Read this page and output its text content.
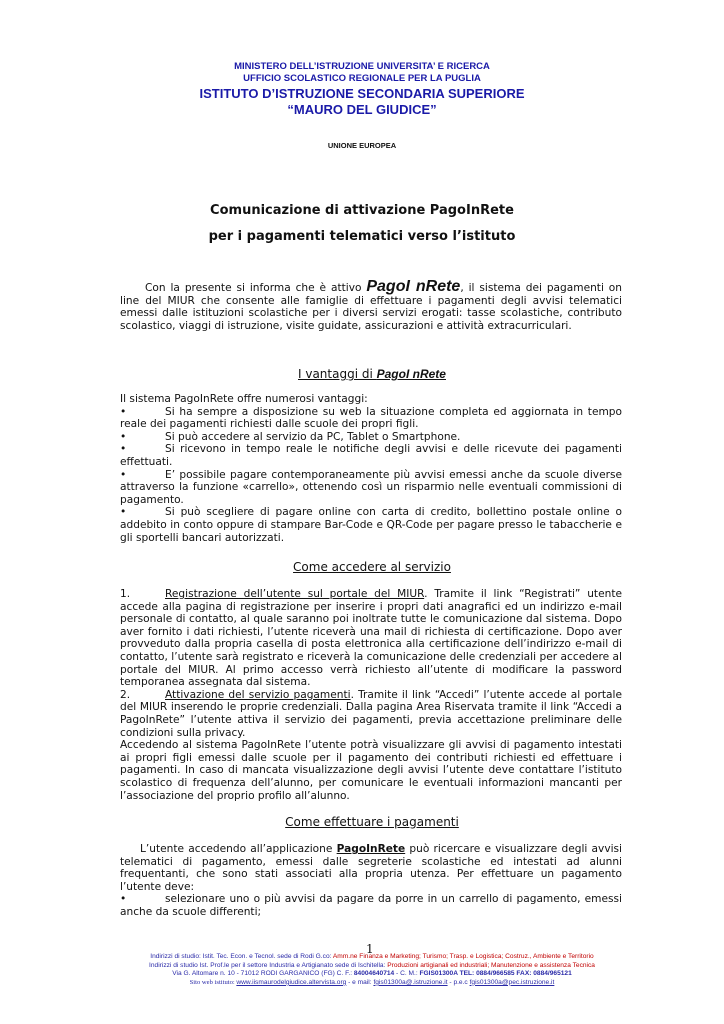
MINISTERO DELL’ISTRUZIONE UNIVERSITA’ E RICERCA
UFFICIO SCOLASTICO REGIONALE PER LA PUGLIA
ISTITUTO D’ISTRUZIONE SECONDARIA SUPERIORE
“MAURO DEL GIUDICE”
UNIONE EUROPEA
Comunicazione di attivazione PagoInRete
per i pagamenti telematici verso l’istituto
Con la presente si informa che è attivo PagoI nRete, il sistema dei pagamenti on line del MIUR che consente alle famiglie di effettuare i pagamenti degli avvisi telematici emessi dalle istituzioni scolastiche per i diversi servizi erogati: tasse scolastiche, contributo scolastico, viaggi di istruzione, visite guidate, assicurazioni e attività extracurriculari.
I vantaggi di PagoI nRete
Il sistema PagoInRete offre numerosi vantaggi:
•	Si ha sempre a disposizione su web la situazione completa ed aggiornata in tempo reale dei pagamenti richiesti dalle scuole dei propri figli.
•	Si può accedere al servizio da PC, Tablet o Smartphone.
•	Si ricevono in tempo reale le notifiche degli avvisi e delle ricevute dei pagamenti effettuati.
•	E’ possibile pagare contemporaneamente più avvisi emessi anche da scuole diverse attraverso la funzione «carrello», ottenendo così un risparmio nelle eventuali commissioni di pagamento.
•	Si può scegliere di pagare online con carta di credito, bollettino postale online o addebito in conto oppure di stampare Bar-Code e QR-Code per pagare presso le tabaccherie e gli sportelli bancari autorizzati.
Come accedere al servizio
1.	Registrazione dell’utente sul portale del MIUR. Tramite il link “Registrati” utente accede alla pagina di registrazione per inserire i propri dati anagrafici ed un indirizzo e-mail personale di contatto, al quale saranno poi inoltrate tutte le comunicazione dal sistema. Dopo aver fornito i dati richiesti, l’utente riceverà una mail di richiesta di certificazione. Dopo aver provveduto dalla propria casella di posta elettronica alla certificazione dell’indirizzo e-mail di contatto, l’utente sarà registrato e riceverà la comunicazione delle credenziali per accedere al portale del MIUR. Al primo accesso verrà richiesto all’utente di modificare la password temporanea assegnata dal sistema.
2.	Attivazione del servizio pagamenti. Tramite il link “Accedi” l’utente accede al portale del MIUR inserendo le proprie credenziali. Dalla pagina Area Riservata tramite il link “Accedi a PagoInRete” l’utente attiva il servizio dei pagamenti, previa accettazione preliminare delle condizioni sulla privacy.
Accedendo al sistema PagoInRete l’utente potrà visualizzare gli avvisi di pagamento intestati ai propri figli emessi dalle scuole per il pagamento dei contributi richiesti ed effettuare i pagamenti. In caso di mancata visualizzazione degli avvisi l’utente deve contattare l’istituto scolastico di frequenza dell’alunno, per comunicare le eventuali informazioni mancanti per l’associazione del proprio profilo all’alunno.
Come effettuare i pagamenti
L’utente accedendo all’applicazione PagoInRete può ricercare e visualizzare degli avvisi telematici di pagamento, emessi dalle segreterie scolastiche ed intestati ad alunni frequentanti, che sono stati associati alla propria utenza. Per effettuare un pagamento l’utente deve:
•	selezionare uno o più avvisi da pagare da porre in un carrello di pagamento, emessi anche da scuole differenti;
1
Indirizzi di studio: Istit. Tec. Econ. e Tecnol. sede di Rodi G.co: Amm.ne Finanza e Marketing; Turismo; Trasp. e Logistica; Costruz., Ambiente e Territorio
Indirizzi di studio Ist. Prof.le per il settore Industria e Artigianato sede di Ischitella: Produzioni artigianali ed industriali; Manutenzione e assistenza Tecnica
Via G. Altomare n. 10 - 71012 RODI GARGANICO (FG) C. F.: 84004640714 - C. M.: FGIS01300A TEL: 0884/966585 FAX: 0884/965121
Sito web istituto: www.iismaurodelgiudice.altervista.org - e mail: fgis01300a@.istruzione.it - p.e.c fgis01300a@pec.istruzione.it
